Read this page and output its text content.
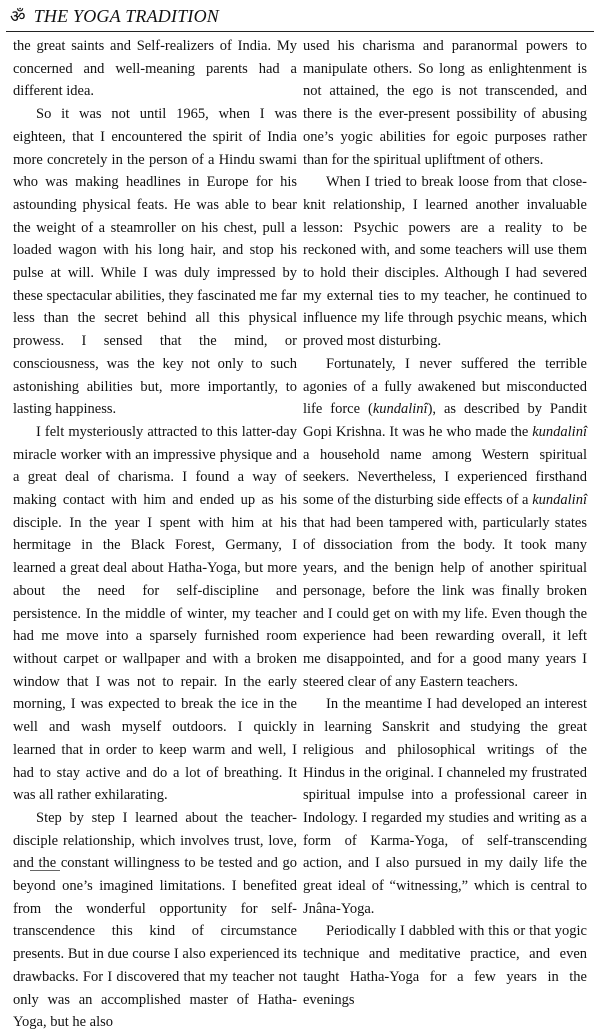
ॐ THE YOGA TRADITION

the great saints and Self-realizers of India. My concerned and well-meaning parents had a different idea.

So it was not until 1965, when I was eighteen, that I encountered the spirit of India more concretely in the person of a Hindu swami who was making headlines in Europe for his astounding physical feats. He was able to bear the weight of a steamroller on his chest, pull a loaded wagon with his long hair, and stop his pulse at will. While I was duly impressed by these spectacular abilities, they fascinated me far less than the secret behind all this physical prowess. I sensed that the mind, or consciousness, was the key not only to such astonishing abilities but, more importantly, to lasting happiness.

I felt mysteriously attracted to this latter-day miracle worker with an impressive physique and a great deal of charisma. I found a way of making contact with him and ended up as his disciple. In the year I spent with him at his hermitage in the Black Forest, Germany, I learned a great deal about Hatha-Yoga, but more about the need for self-discipline and persistence. In the middle of winter, my teacher had me move into a sparsely furnished room without carpet or wallpaper and with a broken window that I was not to repair. In the early morning, I was expected to break the ice in the well and wash myself outdoors. I quickly learned that in order to keep warm and well, I had to stay active and do a lot of breathing. It was all rather exhilarating.

Step by step I learned about the teacher-disciple relationship, which involves trust, love, and the constant willingness to be tested and go beyond one’s imagined limitations. I benefited from the wonderful opportunity for self-transcendence this kind of circumstance presents. But in due course I also experienced its drawbacks. For I discovered that my teacher not only was an accomplished master of Hatha-Yoga, but he also

used his charisma and paranormal powers to manipulate others. So long as enlightenment is not attained, the ego is not transcended, and there is the ever-present possibility of abusing one’s yogic abilities for egoic purposes rather than for the spiritual upliftment of others.

When I tried to break loose from that close-knit relationship, I learned another invaluable lesson: Psychic powers are a reality to be reckoned with, and some teachers will use them to hold their disciples. Although I had severed my external ties to my teacher, he continued to influence my life through psychic means, which proved most disturbing.

Fortunately, I never suffered the terrible agonies of a fully awakened but misconducted life force (kundalinî), as described by Pandit Gopi Krishna. It was he who made the kundalinî a household name among Western spiritual seekers. Nevertheless, I experienced firsthand some of the disturbing side effects of a kundalinî that had been tampered with, particularly states of dissociation from the body. It took many years, and the benign help of another spiritual personage, before the link was finally broken and I could get on with my life. Even though the experience had been rewarding overall, it left me disappointed, and for a good many years I steered clear of any Eastern teachers.

In the meantime I had developed an interest in learning Sanskrit and studying the great religious and philosophical writings of the Hindus in the original. I channeled my frustrated spiritual impulse into a professional career in Indology. I regarded my studies and writing as a form of Karma-Yoga, of self-transcending action, and I also pursued in my daily life the great ideal of “witnessing,” which is central to Jnâna-Yoga.

Periodically I dabbled with this or that yogic technique and meditative practice, and even taught Hatha-Yoga for a few years in the evenings
